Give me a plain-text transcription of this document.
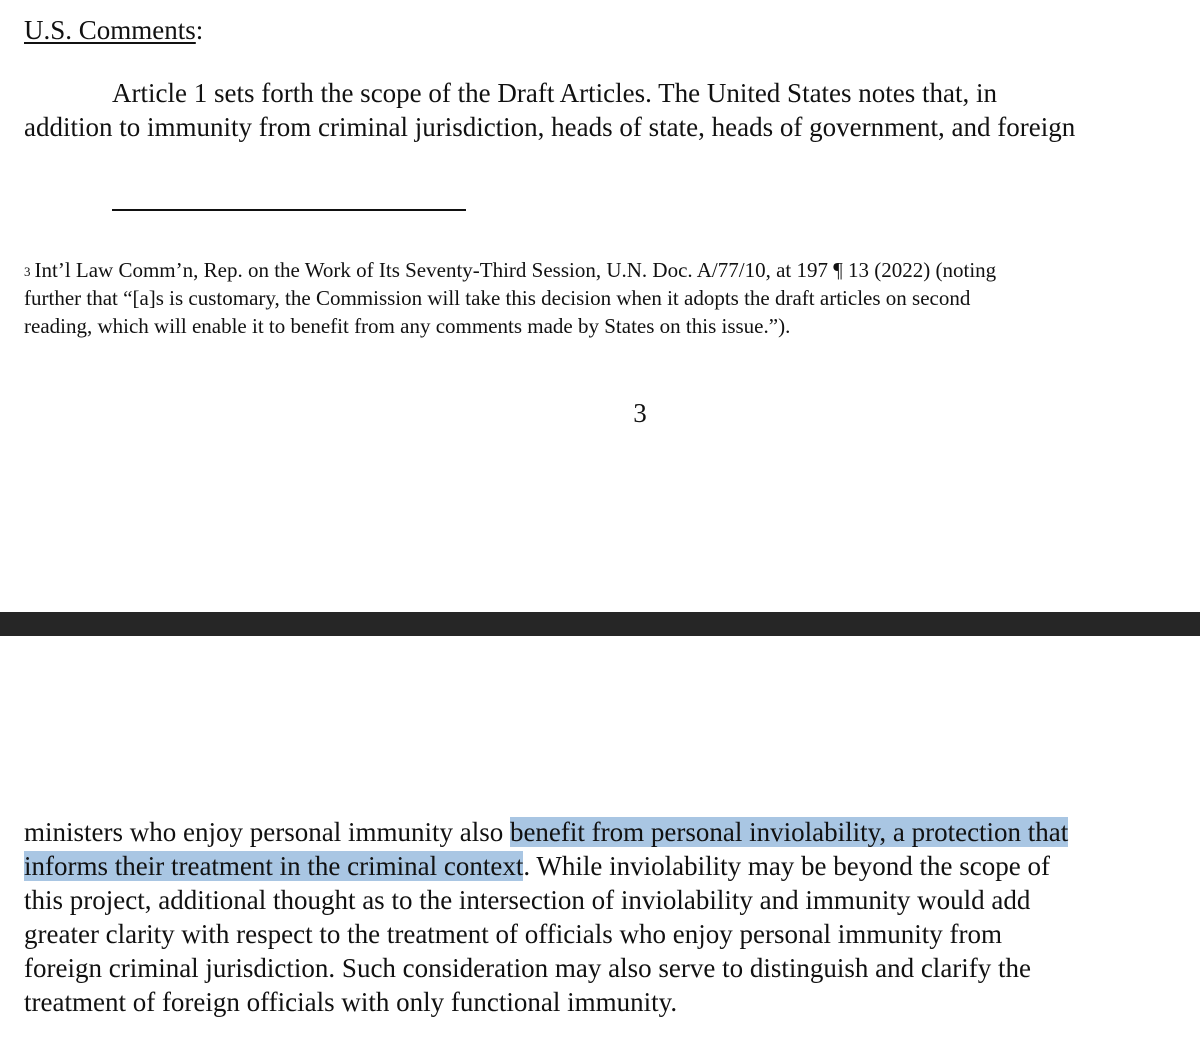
U.S. Comments:
Article 1 sets forth the scope of the Draft Articles. The United States notes that, in
addition to immunity from criminal jurisdiction, heads of state, heads of government, and foreign
$^3$ Int’l Law Comm’n, Rep. on the Work of Its Seventy-Third Session, U.N. Doc. A/77/10, at 197 ¶ 13 (2022) (noting
further that “[a]s is customary, the Commission will take this decision when it adopts the draft articles on second
reading, which will enable it to benefit from any comments made by States on this issue.”).
3
ministers who enjoy personal immunity also benefit from personal inviolability, a protection that
informs their treatment in the criminal context. While inviolability may be beyond the scope of
this project, additional thought as to the intersection of inviolability and immunity would add
greater clarity with respect to the treatment of officials who enjoy personal immunity from
foreign criminal jurisdiction. Such consideration may also serve to distinguish and clarify the
treatment of foreign officials with only functional immunity.
